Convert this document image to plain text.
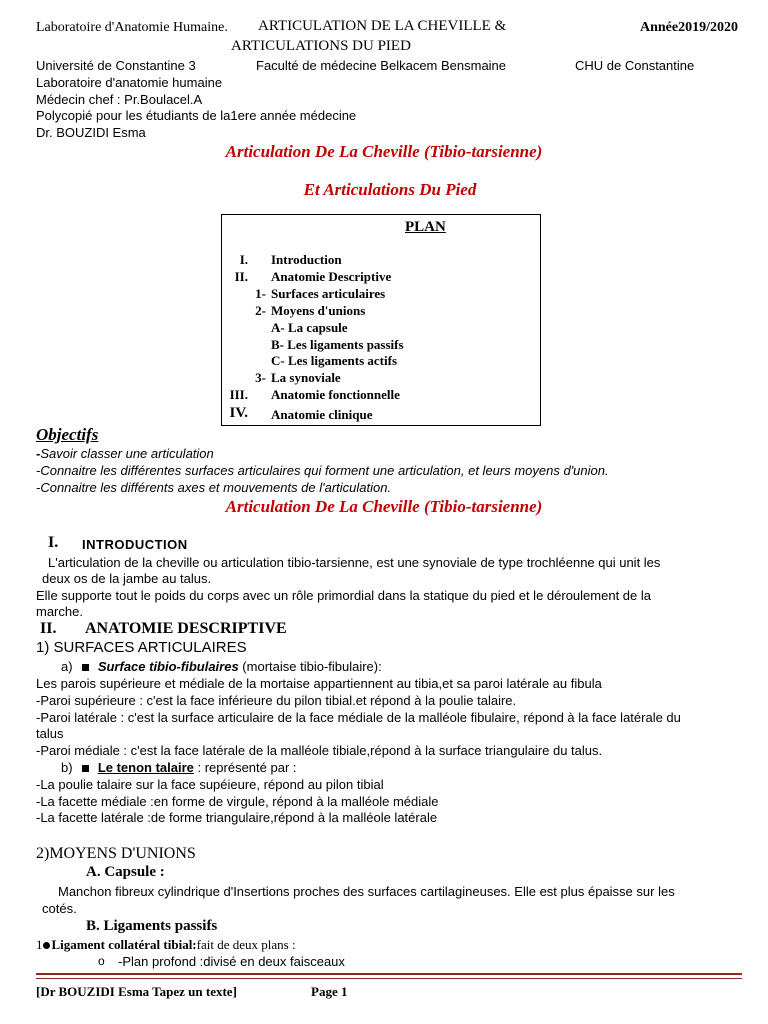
Laboratoire d'Anatomie Humaine. ARTICULATION DE LA CHEVILLE &
ARTICULATIONS DU PIED
Année2019/2020
Université de Constantine 3	Faculté de médecine Belkacem Bensmaine	CHU de Constantine
Laboratoire d'anatomie humaine
Médecin chef : Pr.Boulacel.A
Polycopié pour les étudiants de la1ere année médecine
Dr. BOUZIDI Esma
Articulation De La Cheville (Tibio-tarsienne)
Et Articulations Du Pied
PLAN
I. Introduction
II. Anatomie Descriptive
1- Surfaces articulaires
2- Moyens d'unions
A- La capsule
B- Les ligaments passifs
C- Les ligaments actifs
3- La synoviale
III. Anatomie fonctionnelle
IV. Anatomie clinique
Objectifs
-Savoir classer une articulation
-Connaitre les différentes surfaces articulaires qui forment une articulation, et leurs moyens d'union.
-Connaitre les différents axes et mouvements de l'articulation.
Articulation De La Cheville (Tibio-tarsienne)
I. INTRODUCTION
L'articulation de la cheville ou articulation tibio-tarsienne, est une synoviale de type trochléenne qui unit les
deux os de la jambe au talus.
Elle supporte tout le poids du corps avec un rôle primordial dans la statique du pied et le déroulement de la
marche.
II. ANATOMIE DESCRIPTIVE
1) SURFACES ARTICULAIRES
a) Surface tibio-fibulaires (mortaise tibio-fibulaire):
Les parois supérieure et médiale de la mortaise appartiennent au tibia,et sa paroi latérale au fibula
-Paroi supérieure : c'est la face inférieure du pilon tibial.et répond à la poulie talaire.
-Paroi latérale : c'est la surface articulaire de la face médiale de la malléole fibulaire, répond à la face latérale du
talus
-Paroi médiale : c'est la face latérale de la malléole tibiale,répond à la surface triangulaire du talus.
b) Le tenon talaire : représenté par :
-La poulie talaire sur la face supéieure, répond au pilon tibial
-La facette médiale :en forme de virgule, répond à la malléole médiale
-La facette latérale :de forme triangulaire,répond à la malléole latérale
2)MOYENS D'UNIONS
A. Capsule :
Manchon fibreux cylindrique d'Insertions proches des surfaces cartilagineuses. Elle est plus épaisse sur les
cotés.
B. Ligaments passifs
1 Ligament collatéral tibial:fait de deux plans :
o -Plan profond :divisé en deux faisceaux
[Dr BOUZIDI Esma Tapez un texte]	Page 1
